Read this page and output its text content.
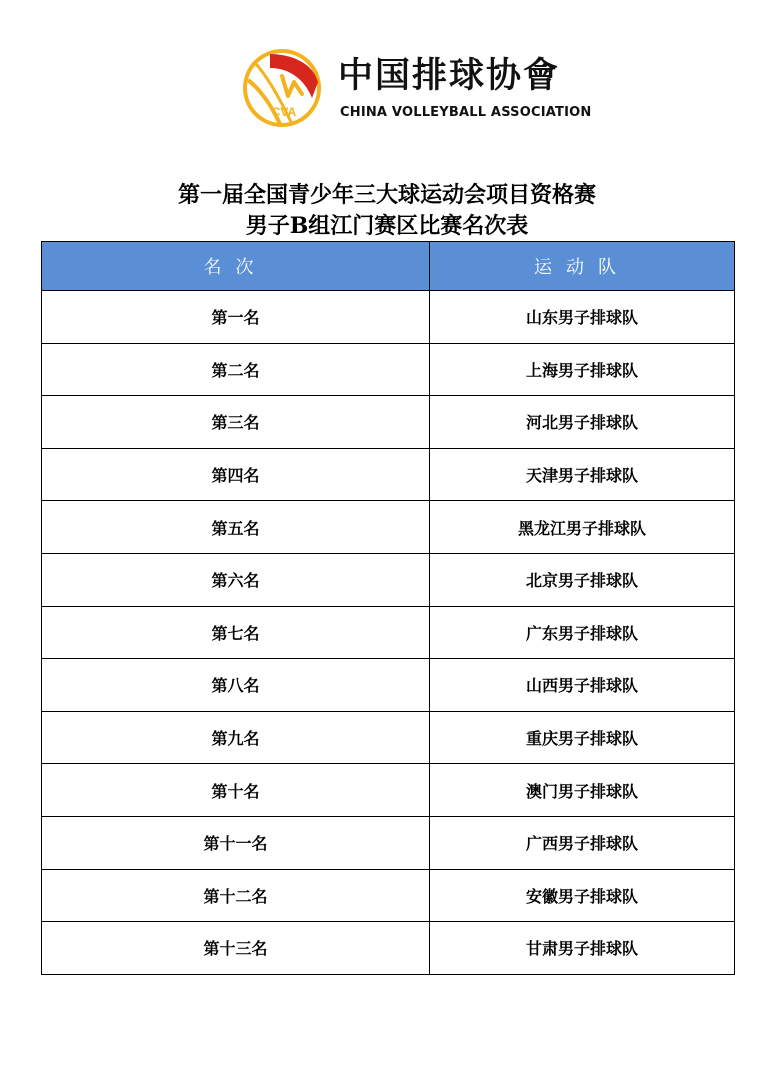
CVA
中国排球协會
CHINA VOLLEYBALL ASSOCIATION
第一届全国青少年三大球运动会项目资格赛
男子B组江门赛区比赛名次表
名次	运动队
第一名	山东男子排球队
第二名	上海男子排球队
第三名	河北男子排球队
第四名	天津男子排球队
第五名	黑龙江男子排球队
第六名	北京男子排球队
第七名	广东男子排球队
第八名	山西男子排球队
第九名	重庆男子排球队
第十名	澳门男子排球队
第十一名	广西男子排球队
第十二名	安徽男子排球队
第十三名	甘肃男子排球队
